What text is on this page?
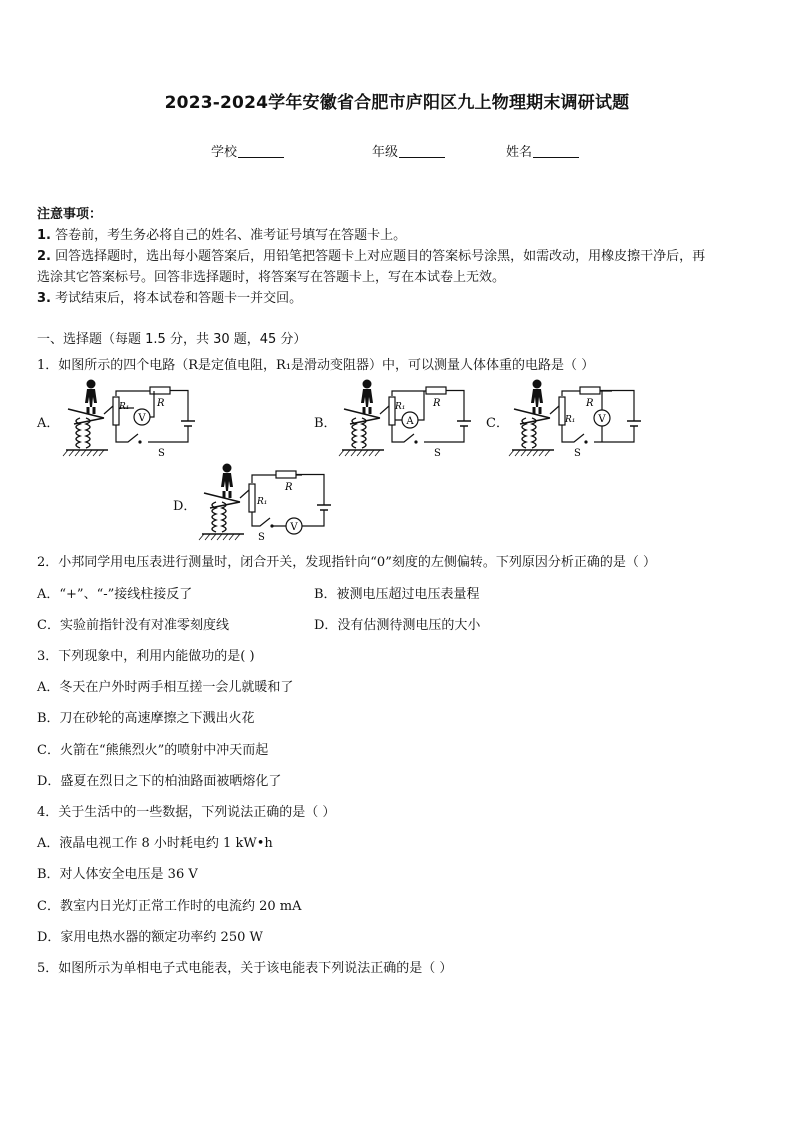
2023-2024学年安徽省合肥市庐阳区九上物理期末调研试题
学校	年级	姓名
注意事项：
1. 答卷前，考生务必将自己的姓名、准考证号填写在答题卡上。
2. 回答选择题时，选出每小题答案后，用铅笔把答题卡上对应题目的答案标号涂黑，如需改动，用橡皮擦干净后，再
选涂其它答案标号。回答非选择题时，将答案写在答题卡上，写在本试卷上无效。
3. 考试结束后，将本试卷和答题卡一并交回。
一、选择题（每题 1.5 分，共 30 题，45 分）
1．如图所示的四个电路（R是定值电阻，R₁是滑动变阻器）中，可以测量人体体重的电路是（ ）
A．	V
R
R₁
S
B．	A
R
R₁
S
C．	V
R
R₁
S
D．
V
R
R₁
S
2．小邦同学用电压表进行测量时，闭合开关，发现指针向“0”刻度的左侧偏转。下列原因分析正确的是（ ）
A．“+”、“-”接线柱接反了	B．被测电压超过电压表量程
C．实验前指针没有对准零刻度线	D．没有估测待测电压的大小
3．下列现象中，利用内能做功的是( )
A．冬天在户外时两手相互搓一会儿就暖和了
B．刀在砂轮的高速摩擦之下溅出火花
C．火箭在“熊熊烈火”的喷射中冲天而起
D．盛夏在烈日之下的柏油路面被晒熔化了
4．关于生活中的一些数据，下列说法正确的是（ ）
A．液晶电视工作 8 小时耗电约 1 kW•h
B．对人体安全电压是 36 V
C．教室内日光灯正常工作时的电流约 20 mA
D．家用电热水器的额定功率约 250 W
5．如图所示为单相电子式电能表，关于该电能表下列说法正确的是（ ）
